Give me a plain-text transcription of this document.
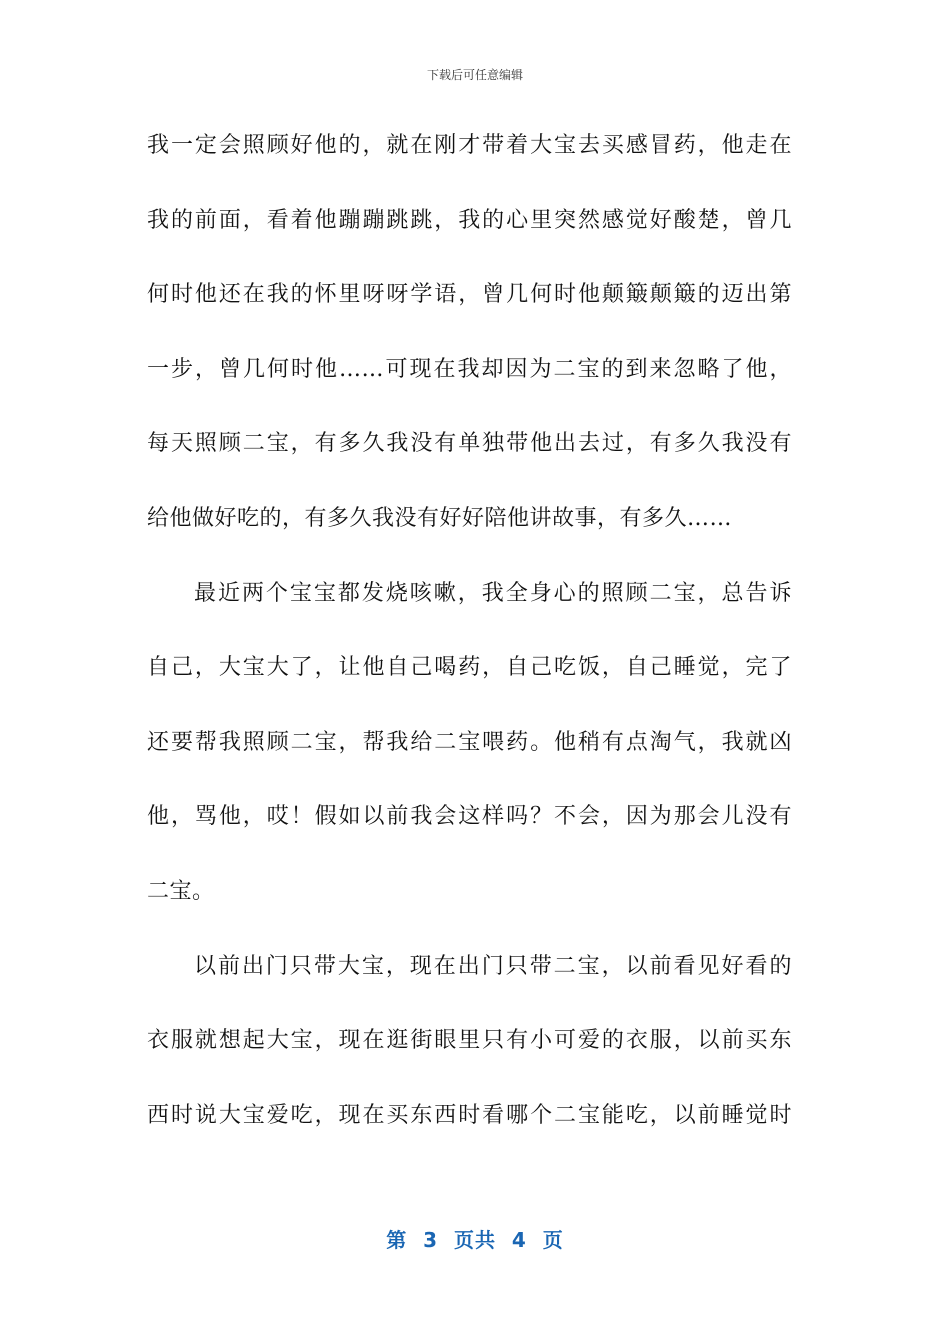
下载后可任意编辑
我一定会照顾好他的，就在刚才带着大宝去买感冒药，他走在
我的前面，看着他蹦蹦跳跳，我的心里突然感觉好酸楚，曾几
何时他还在我的怀里呀呀学语，曾几何时他颠簸颠簸的迈出第
一步，曾几何时他……可现在我却因为二宝的到来忽略了他，
每天照顾二宝，有多久我没有单独带他出去过，有多久我没有
给他做好吃的，有多久我没有好好陪他讲故事，有多久……
最近两个宝宝都发烧咳嗽，我全身心的照顾二宝，总告诉
自己，大宝大了，让他自己喝药，自己吃饭，自己睡觉，完了
还要帮我照顾二宝，帮我给二宝喂药。他稍有点淘气，我就凶
他，骂他，哎！假如以前我会这样吗？不会，因为那会儿没有
二宝。
以前出门只带大宝，现在出门只带二宝，以前看见好看的
衣服就想起大宝，现在逛街眼里只有小可爱的衣服，以前买东
西时说大宝爱吃，现在买东西时看哪个二宝能吃，以前睡觉时
第  3  页共  4  页
